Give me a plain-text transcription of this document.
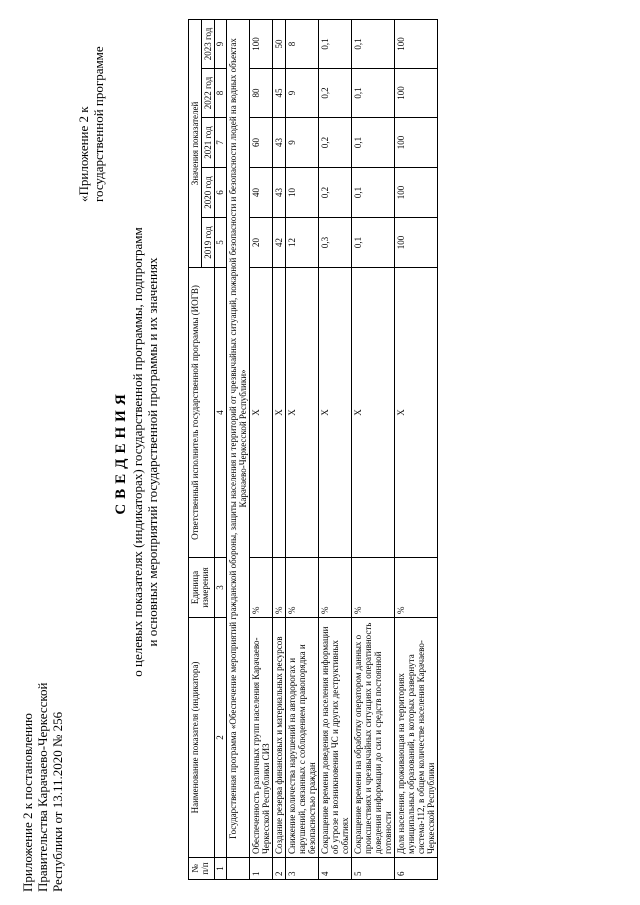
Приложение 2 к постановлению Правительства Карачаево-Черкесской Республики от 13.11.2020 № 256
«Приложение 2 к государственной программе
СВЕДЕНИЯ о целевых показателях (индикаторах) государственной программы, подпрограмм и основных мероприятий государственной программы и их значениях
№ п/п	Наименование показателя (индикатора)	Единица измерения	Ответственный исполнитель государственной программы (ИОГВ)	Значения показателей				
				2019 год	2020 год	2021 год	2022 год	2023 год
1	2	3	4	5	6	7	8	9
	Государственная программа «Обеспечение мероприятий гражданской обороны, защиты населения и территорий от чрезвычайных ситуаций, пожарной безопасности и безопасности людей на водных объектах Карачаево-Черкесской Республики»							
1	Обеспеченность различных групп населения Карачаево-Черкесской Республики СИЗ	%	X	20	40	60	80	100
2	Создание резерва финансовых и материальных ресурсов	%	X	42	43	43	45	50
3	Снижение количества нарушений на автодорогах и нарушений, связанных с соблюдением правопорядка и безопасностью граждан	%	X	12	10	9	9	8
4	Сокращение времени доведения до населения информации об угрозе и возникновении ЧС и других деструктивных событиях	%	X	0,3	0,2	0,2	0,2	0,1
5	Сокращение времени на обработку оператором данных о происшествиях и чрезвычайных ситуациях и оперативность доведения информации до сил и средств постоянной готовности	%	X	0,1	0,1	0,1	0,1	0,1
6	Доля населения, проживающая на территориях муниципальных образований, в которых развернута система-112, в общем количестве населения Карачаево-Черкесской Республики	%	X	100	100	100	100	100
